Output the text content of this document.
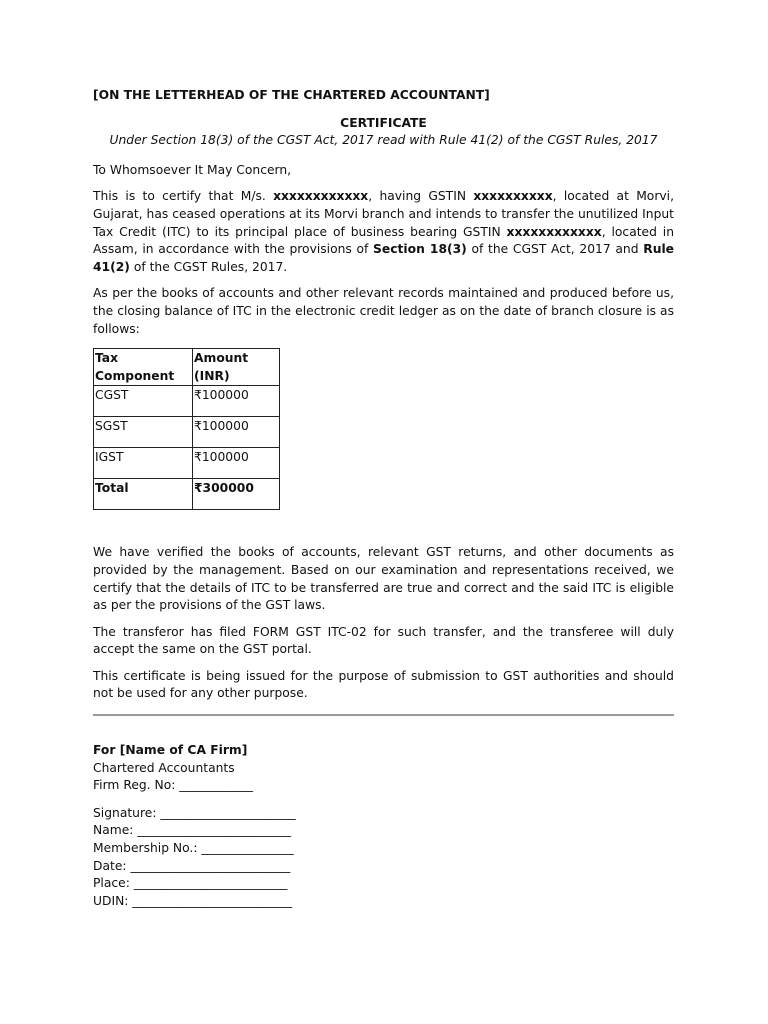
[ON THE LETTERHEAD OF THE CHARTERED ACCOUNTANT]

CERTIFICATE

Under Section 18(3) of the CGST Act, 2017 read with Rule 41(2) of the CGST Rules, 2017

To Whomsoever It May Concern,

This is to certify that M/s. xxxxxxxxxxxx, having GSTIN xxxxxxxxxx, located at Morvi, Gujarat, has ceased operations at its Morvi branch and intends to transfer the unutilized Input Tax Credit (ITC) to its principal place of business bearing GSTIN xxxxxxxxxxxx, located in Assam, in accordance with the provisions of Section 18(3) of the CGST Act, 2017 and Rule 41(2) of the CGST Rules, 2017.

As per the books of accounts and other relevant records maintained and produced before us, the closing balance of ITC in the electronic credit ledger as on the date of branch closure is as follows:

Tax Component	Amount (INR)
CGST	₹100000
SGST	₹100000
IGST	₹100000
Total	₹300000

We have verified the books of accounts, relevant GST returns, and other documents as provided by the management. Based on our examination and representations received, we certify that the details of ITC to be transferred are true and correct and the said ITC is eligible as per the provisions of the GST laws.

The transferor has filed FORM GST ITC-02 for such transfer, and the transferee will duly accept the same on the GST portal.

This certificate is being issued for the purpose of submission to GST authorities and should not be used for any other purpose.

For [Name of CA Firm]

Chartered Accountants

Firm Reg. No: ____________

Signature: ______________________

Name: _________________________

Membership No.: _______________

Date: __________________________

Place: _________________________

UDIN: __________________________
